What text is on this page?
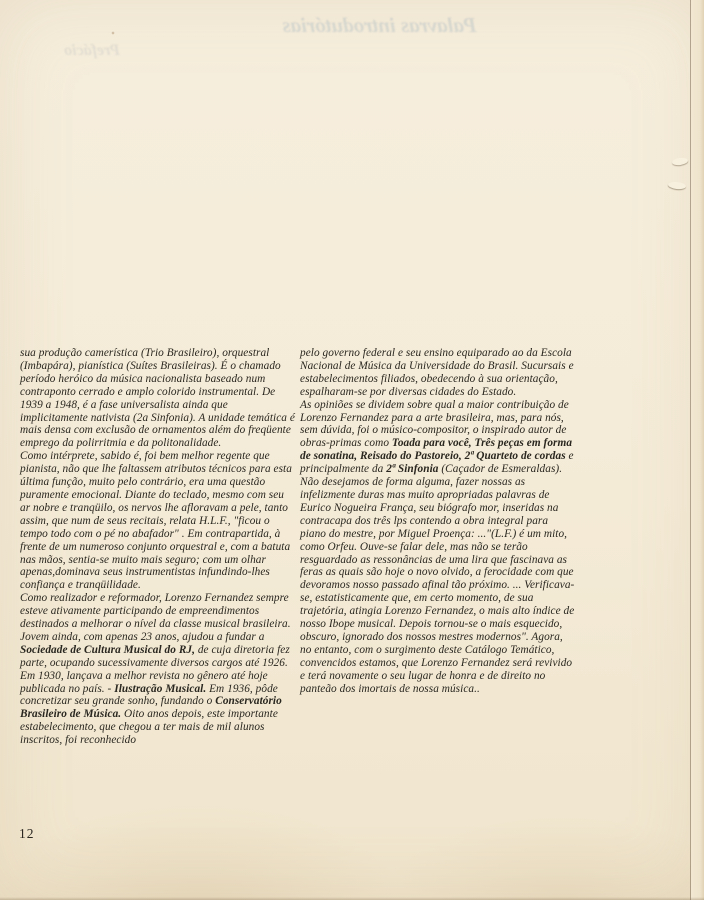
Palavras introdutórias
Prefácio

sua produção camerística (Trio Brasileiro), orquestral (Imbapára), pianística (Suítes Brasileiras). É o chamado período heróico da música nacionalista baseado num contraponto cerrado e amplo colorido instrumental. De 1939 a 1948, é a fase universalista ainda que implicitamente nativista (2a Sinfonia). A unidade temática é mais densa com exclusão de ornamentos além do freqüente emprego da polirritmia e da politonalidade.

Como intérprete, sabido é, foi bem melhor regente que pianista, não que lhe faltassem atributos técnicos para esta última função, muito pelo contrário, era uma questão puramente emocional. Diante do teclado, mesmo com seu ar nobre e tranqüilo, os nervos lhe afloravam a pele, tanto assim, que num de seus recitais, relata H.L.F., "ficou o tempo todo com o pé no abafador" . Em contrapartida, à frente de um numeroso conjunto orquestral e, com a batuta nas mãos, sentia-se muito mais seguro; com um olhar apenas,dominava seus instrumentistas infundindo-lhes confiança e tranqüilidade.

Como realizador e reformador, Lorenzo Fernandez sempre esteve ativamente participando de empreendimentos destinados a melhorar o nível da classe musical brasileira. Jovem ainda, com apenas 23 anos, ajudou a fundar a Sociedade de Cultura Musical do RJ, de cuja diretoria fez parte, ocupando sucessivamente diversos cargos até 1926. Em 1930, lançava a melhor revista no gênero até hoje publicada no país. - Ilustração Musical. Em 1936, pôde concretizar seu grande sonho, fundando o Conservatório Brasileiro de Música. Oito anos depois, este importante estabelecimento, que chegou a ter mais de mil alunos inscritos, foi reconhecido

pelo governo federal e seu ensino equiparado ao da Escola Nacional de Música da Universidade do Brasil. Sucursais e estabelecimentos filiados, obedecendo à sua orientação, espalharam-se por diversas cidades do Estado.

As opiniões se dividem sobre qual a maior contribuição de Lorenzo Fernandez para a arte brasileira, mas, para nós, sem dúvida, foi o músico-compositor, o inspirado autor de obras-primas como Toada para você, Três peças em forma de sonatina, Reisado do Pastoreio, 2ª Quarteto de cordas e principalmente da 2ª Sinfonia (Caçador de Esmeraldas).

Não desejamos de forma alguma, fazer nossas as infelizmente duras mas muito apropriadas palavras de Eurico Nogueira França, seu biógrafo mor, inseridas na contracapa dos três lps contendo a obra integral para piano do mestre, por Miguel Proença: ..."(L.F.) é um mito, como Orfeu. Ouve-se falar dele, mas não se terão resguardado as ressonâncias de uma lira que fascinava as feras as quais são hoje o novo olvido, a ferocidade com que devoramos nosso passado afinal tão próximo. ... Verificava-se, estatisticamente que, em certo momento, de sua trajetória, atingia Lorenzo Fernandez, o mais alto índice de nosso Ibope musical. Depois tornou-se o mais esquecido, obscuro, ignorado dos nossos mestres modernos". Agora, no entanto, com o surgimento deste Catálogo Temático, convencidos estamos, que Lorenzo Fernandez será revivido e terá novamente o seu lugar de honra e de direito no panteão dos imortais de nossa música..

12
